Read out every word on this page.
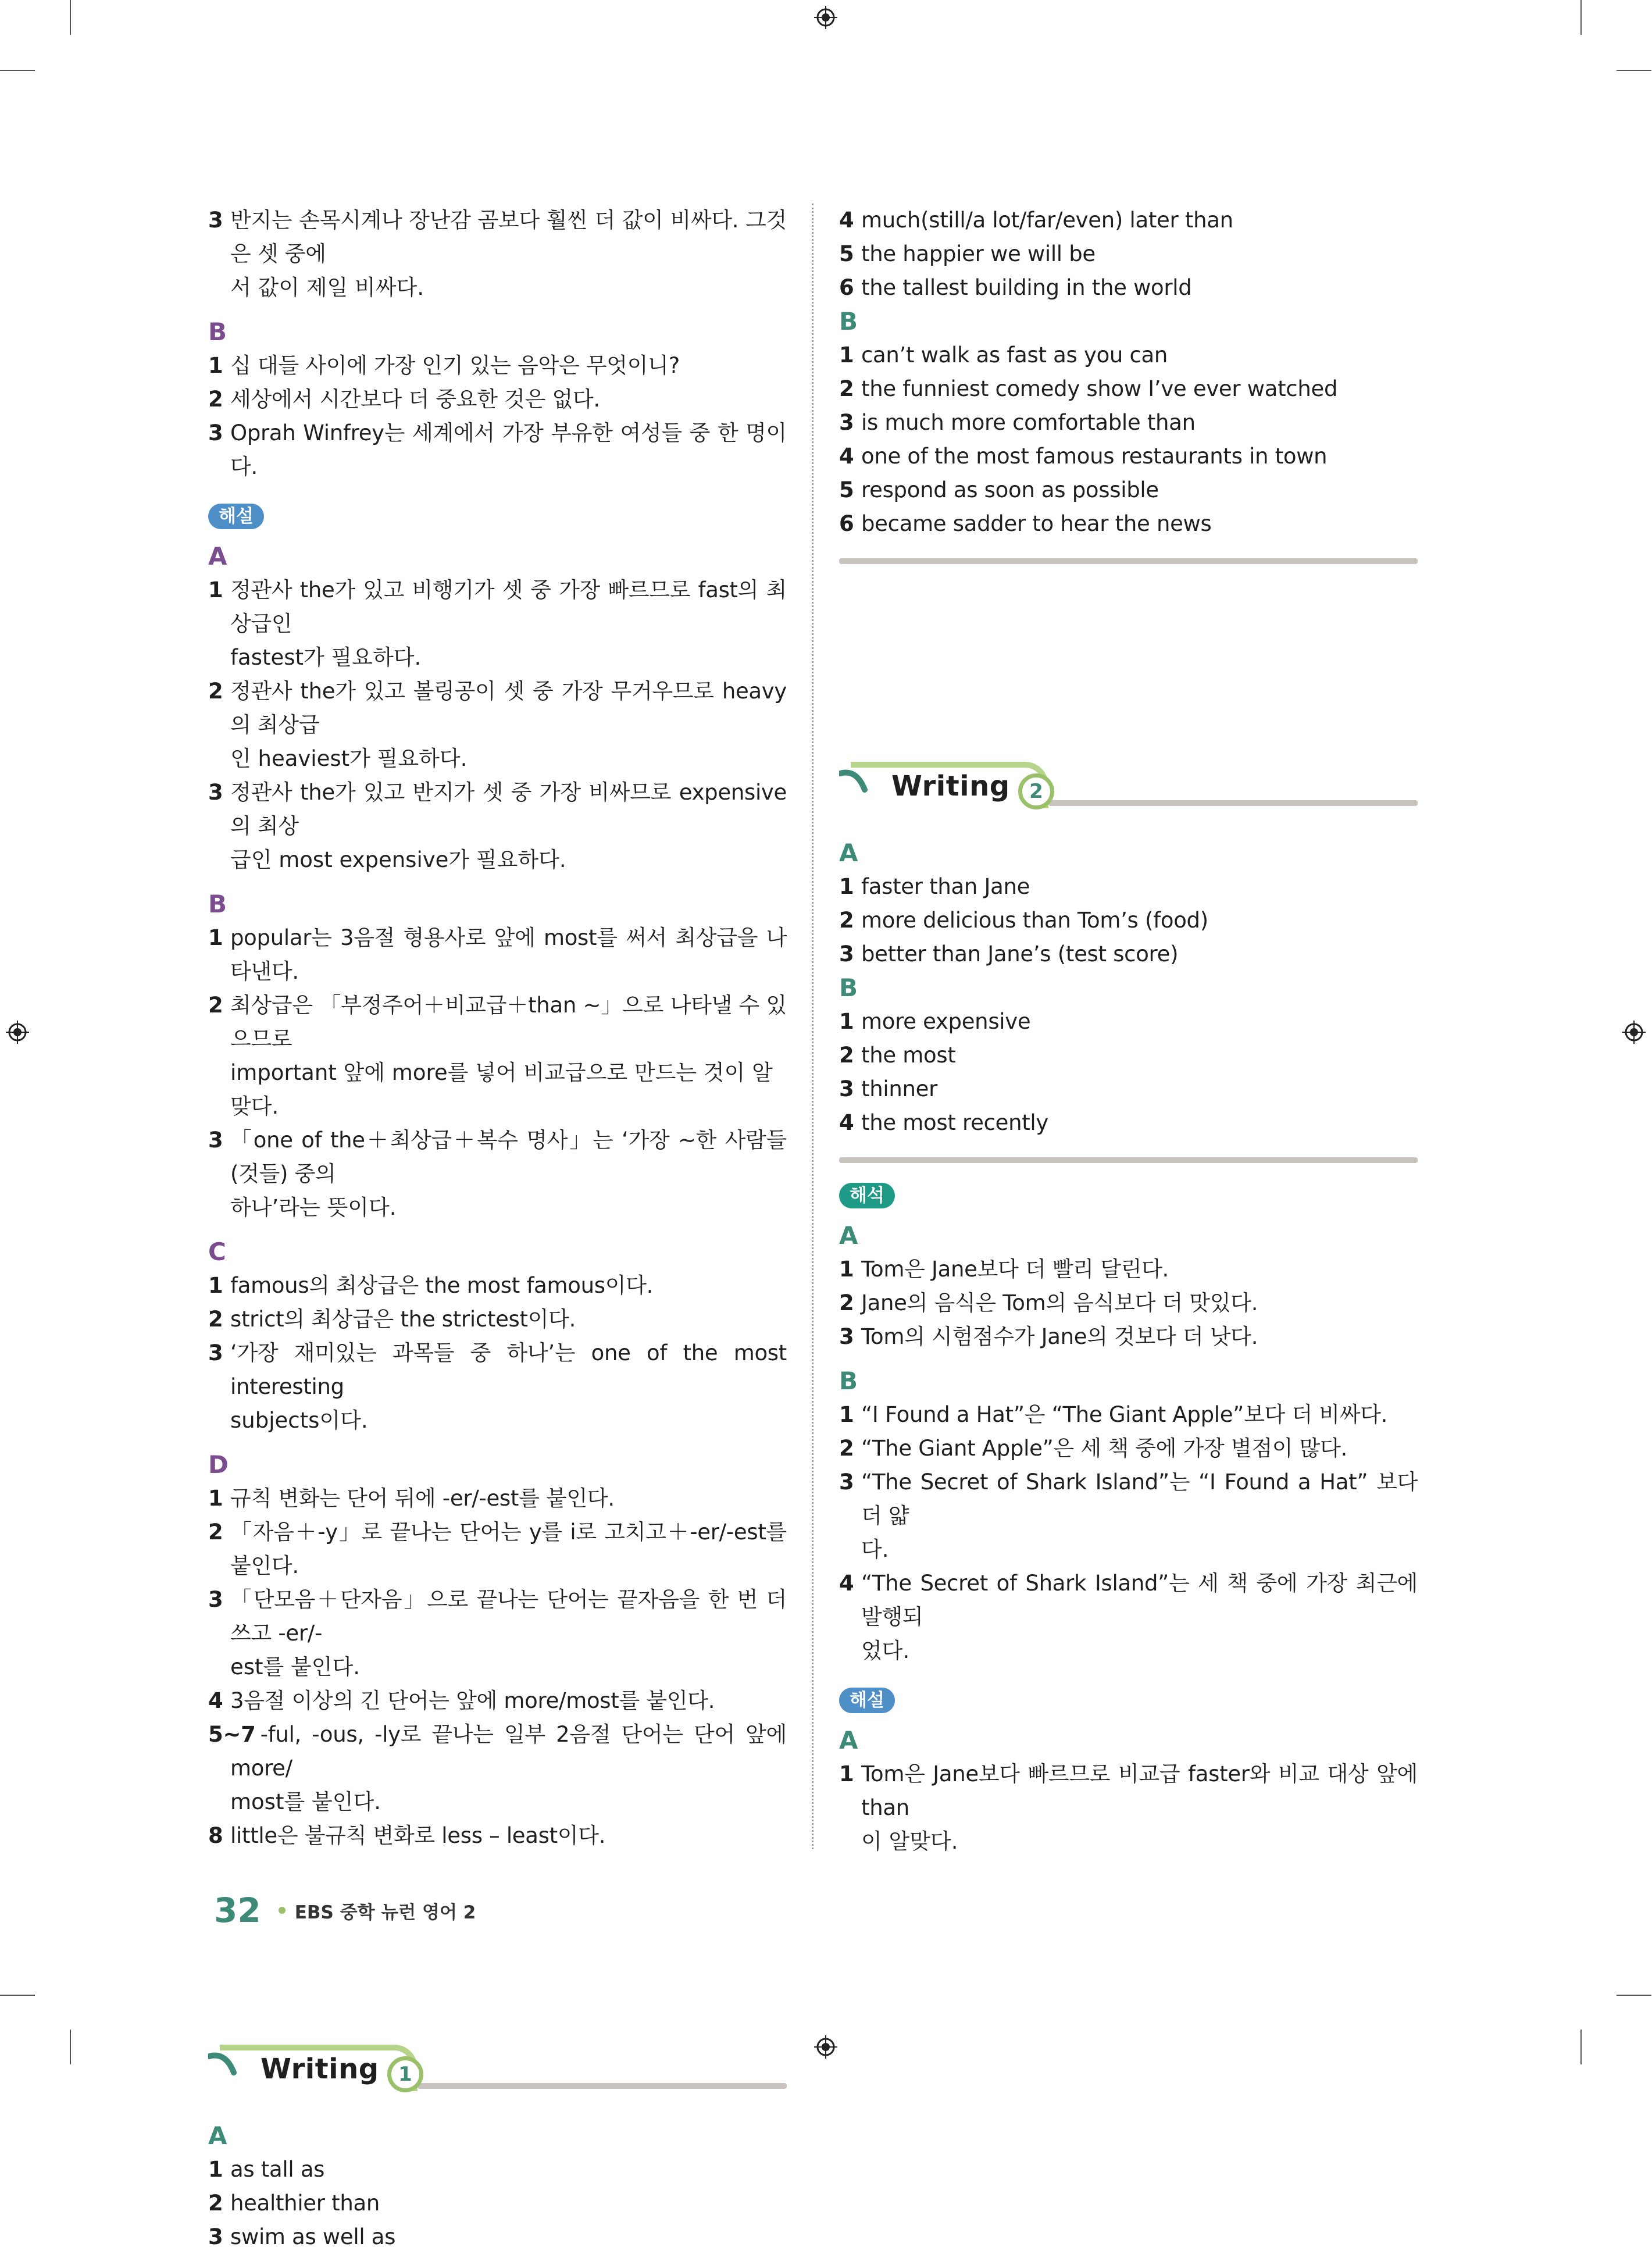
3 반지는 손목시계나 장난감 곰보다 훨씬 더 값이 비싸다. 그것은 셋 중에
서 값이 제일 비싸다.
B
1 십 대들 사이에 가장 인기 있는 음악은 무엇이니?
2 세상에서 시간보다 더 중요한 것은 없다.
3 Oprah Winfrey는 세계에서 가장 부유한 여성들 중 한 명이다.
해설
A
1 정관사 the가 있고 비행기가 셋 중 가장 빠르므로 fast의 최상급인
fastest가 필요하다.
2 정관사 the가 있고 볼링공이 셋 중 가장 무거우므로 heavy의 최상급
인 heaviest가 필요하다.
3 정관사 the가 있고 반지가 셋 중 가장 비싸므로 expensive의 최상
급인 most expensive가 필요하다.
B
1 popular는 3음절 형용사로 앞에 most를 써서 최상급을 나타낸다.
2 최상급은 「부정주어＋비교급＋than ~」으로 나타낼 수 있으므로
important 앞에 more를 넣어 비교급으로 만드는 것이 알맞다.
3 「one of the＋최상급＋복수 명사」는 ‘가장 ~한 사람들(것들) 중의
하나’라는 뜻이다.
C
1 famous의 최상급은 the most famous이다.
2 strict의 최상급은 the strictest이다.
3 ‘가장 재미있는 과목들 중 하나’는 one of the most interesting
subjects이다.
D
1 규칙 변화는 단어 뒤에 -er/-est를 붙인다.
2 「자음＋-y」로 끝나는 단어는 y를 i로 고치고＋-er/-est를 붙인다.
3 「단모음＋단자음」으로 끝나는 단어는 끝자음을 한 번 더 쓰고 -er/-
est를 붙인다.
4 3음절 이상의 긴 단어는 앞에 more/most를 붙인다.
5~7 -ful, -ous, -ly로 끝나는 일부 2음절 단어는 단어 앞에 more/
most를 붙인다.
8 little은 불규칙 변화로 less – least이다.
Writing 1
A
1 as tall as
2 healthier than
3 swim as well as
4 much(still/a lot/far/even) later than
5 the happier we will be
6 the tallest building in the world
B
1 can’t walk as fast as you can
2 the funniest comedy show I’ve ever watched
3 is much more comfortable than
4 one of the most famous restaurants in town
5 respond as soon as possible
6 became sadder to hear the news
Writing 2
A
1 faster than Jane
2 more delicious than Tom’s (food)
3 better than Jane’s (test score)
B
1 more expensive
2 the most
3 thinner
4 the most recently
해석
A
1 Tom은 Jane보다 더 빨리 달린다.
2 Jane의 음식은 Tom의 음식보다 더 맛있다.
3 Tom의 시험점수가 Jane의 것보다 더 낫다.
B
1 “I Found a Hat”은 “The Giant Apple”보다 더 비싸다.
2 “The Giant Apple”은 세 책 중에 가장 별점이 많다.
3 “The Secret of Shark Island”는 “I Found a Hat” 보다 더 얇
다.
4 “The Secret of Shark Island”는 세 책 중에 가장 최근에 발행되
었다.
해설
A
1 Tom은 Jane보다 빠르므로 비교급 faster와 비교 대상 앞에 than
이 알맞다.
32 EBS 중학 뉴런 영어 2
